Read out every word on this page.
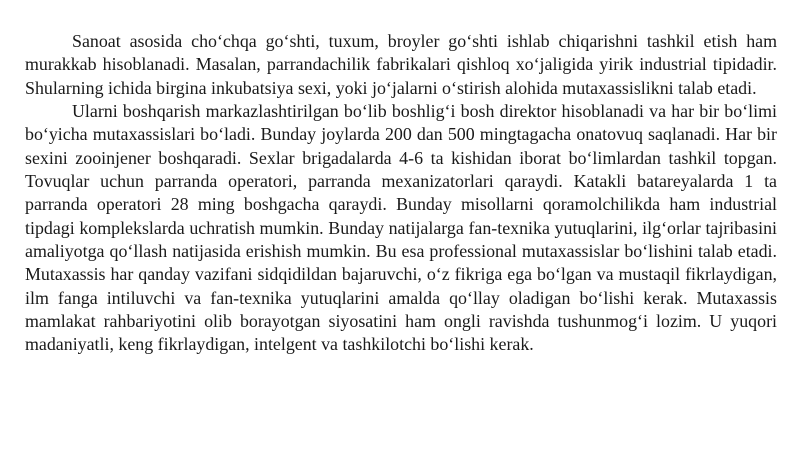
Sanoat asosida cho‘chqa go‘shti, tuxum, broyler go‘shti ishlab chiqarishni tashkil etish ham murakkab hisoblanadi. Masalan, parrandachilik fabrikalari qishloq xo‘jaligida yirik industrial tipidadir. Shularning ichida birgina inkubatsiya sexi, yoki jo‘jalarni o‘stirish alohida mutaxassislikni talab etadi.

Ularni boshqarish markazlashtirilgan bo‘lib boshlig‘i bosh direktor hisoblanadi va har bir bo‘limi bo‘yicha mutaxassislari bo‘ladi. Bunday joylarda 200 dan 500 mingtagacha onatovuq saqlanadi. Har bir sexini zooinjener boshqaradi. Sexlar brigadalarda 4-6 ta kishidan iborat bo‘limlardan tashkil topgan. Tovuqlar uchun parranda operatori, parranda mexanizatorlari qaraydi. Katakli batareyalarda 1 ta parranda operatori 28 ming boshgacha qaraydi. Bunday misollarni qoramolchilikda ham industrial tipdagi komplekslarda uchratish mumkin. Bunday natijalarga fan-texnika yutuqlarini, ilg‘orlar tajribasini amaliyotga qo‘llash natijasida erishish mumkin. Bu esa professional mutaxassislar bo‘lishini talab etadi. Mutaxassis har qanday vazifani sidqidildan bajaruvchi, o‘z fikriga ega bo‘lgan va mustaqil fikrlaydigan, ilm fanga intiluvchi va fan-texnika yutuqlarini amalda qo‘llay oladigan bo‘lishi kerak. Mutaxassis mamlakat rahbariyotini olib borayotgan siyosatini ham ongli ravishda tushunmog‘i lozim. U yuqori madaniyatli, keng fikrlaydigan, intelgent va tashkilotchi bo‘lishi kerak.
